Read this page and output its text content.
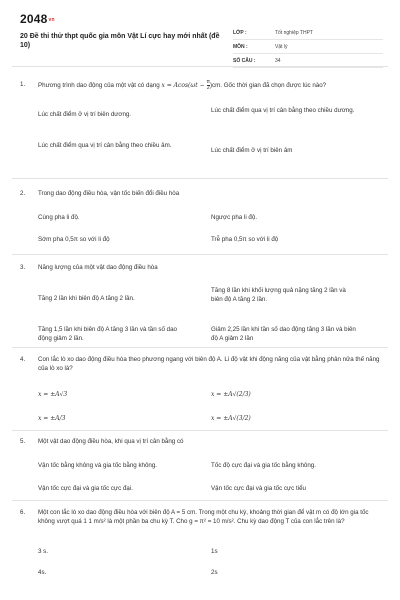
2048vn
20 Đề thi thử thpt quốc gia môn Vật Lí cực hay mới nhất (đề 10)
LỚP :	Tốt nghiệp THPT
MÔN :	Vật lý
SỐ CÂU :	34
1. Phương trình dao động của một vật có dạng $x = Acos(\omega t - \frac{\pi}{2} )cm$. Gốc thời gian đã chọn được lúc nào?
Lúc chất điểm ở vị trí biên dương.
Lúc chất điểm qua vị trí cân bằng theo chiều dương.
Lúc chất điểm qua vị trí cân bằng theo chiều âm.
Lúc chất điểm ở vị trí biên âm
2. Trong dao động điều hòa, vận tốc biến đổi điều hòa
Cùng pha li độ.	Ngược pha li độ.
Sớm pha 0,5π so với li độ	Trễ pha 0,5π so với li độ
3. Năng lượng của một vật dao động điều hòa
Tăng 2 lần khi biên độ A tăng 2 lần.
Tăng 8 lần khi khối lượng quả nặng tăng 2 lần và biên độ A tăng 2 lần.
Tăng 1,5 lần khi biên độ A tăng 3 lần và tần số dao động giảm 2 lần.
Giảm 2,25 lần khi tần số dao động tăng 3 lần và biên độ A giảm 2 lần
4. Con lắc lò xo dao động điều hòa theo phương ngang với biên độ A. Li độ vật khi động năng của vật bằng phân nửa thế năng của lò xo là?
x = ±A√3	x = ±A√(2/3)
x = ±A/3	x = ±A√(3/2)
5. Một vật dao động điều hòa, khi qua vị trí cân bằng có
Vận tốc bằng không và gia tốc bằng không.	Tốc độ cực đại và gia tốc bằng không.
Vận tốc cực đại và gia tốc cực đại.	Vận tốc cực đại và gia tốc cực tiểu
6. Một con lắc lò xo dao động điều hòa với biên độ A = 5 cm. Trong một chu kỳ, khoảng thời gian để vật m có độ lớn gia tốc không vượt quá 1 1 m/s² là một phần ba chu kỳ T. Cho g = π² = 10 m/s². Chu kỳ dao động T của con lắc trên là?
3 s.	1s
4s.	2s
